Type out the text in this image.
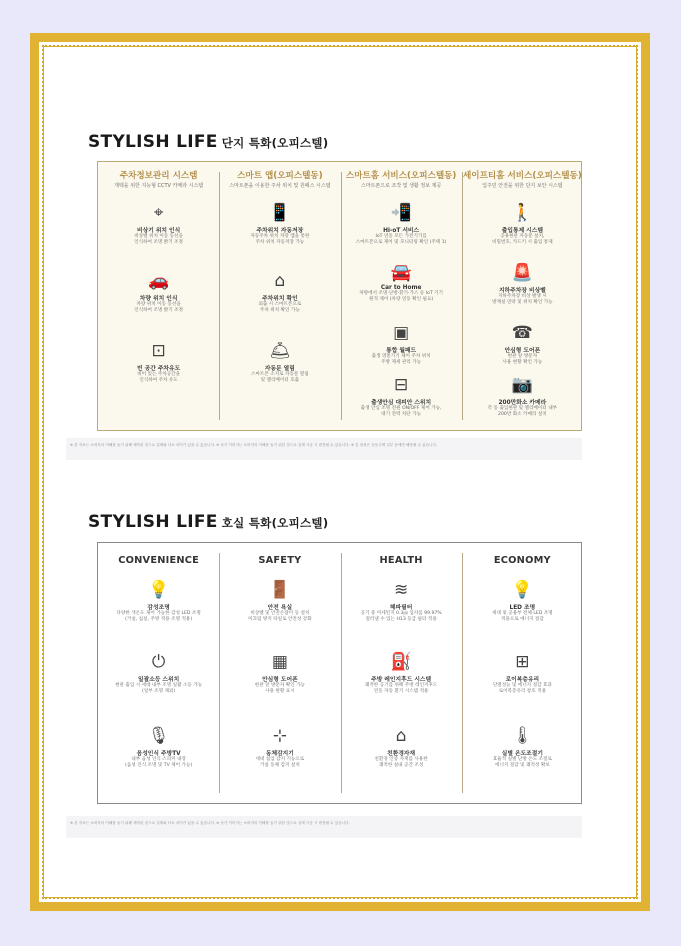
STYLISH LIFE 단지 특화(오피스텔)
주차정보관리 시스템
재택을 위한 지능형 CCTV 카메라 시스템
⌖
비상기 위치 인식
비상벨 위치 이동 동선을
인식하여 조명 밝기 조정
🚗
차량 위치 인식
차량 위치 이동 동선을
인식하여 조명 밝기 조정
⊡
빈 공간 주차유도
비어 있는 주차공간을
인식하여 주차 유도
스마트 앱(오피스텔동)
스마트폰을 이용한 주차 위치 및 원패스 시스템
📱
주차위치 자동저장
자동주차 위치 저장 앱을 통한
주차 위치 자동저장 가능
⌂
주차위치 확인
외출 시 스마트폰으로
주차 위치 확인 가능
🛎
자동문 열림
스마트폰 소지로 자동문 열림
및 엘리베이터 호출
스마트홈 서비스(오피스텔동)
스마트폰으로 조작 및 생활 정보 제공
📲
Hi-oT 서비스
IoT 연동 모든 가전기기를
스마트폰으로 제어 및 모니터링 확인 (주택 1)
🚘
Car to Home
차량에서 조명·난방·환기·가스 등 IoT 기기
원격 제어 (차량 연동 확인 필요)
▣
통합 월패드
출생 영통기기 제어 주차 위치
주방 제세 관리 가능
⊟
출생안심 대피안 스위치
출생 안심 조명 전원 ON/OFF 제어 가능,
대기 전력 차단 가능
세이프티홈 서비스(오피스텔동)
입주민 안전을 위한 단지 보안 시스템
🚶
출입통제 시스템
공용현관 자동문 설치,
비밀번호, 카드키 시 출입 통제
🚨
지하주차장 비상벨
지하주차장 비상 발생 시
방재실 연락 및 위치 확인 가능
☎
안심형 도어폰
현관 앞 방문자
사용 현황 확인 가능
📷
200만화소 카메라
각 동 출입현관 및 엘리베이터 내부
200만 화소 카메라 설치
※ 본 자료는 소비자의 이해를 돕기 위해 제작된 것으로 실제와 다소 차이가 있을 수 있습니다. ※ 상기 이미지는 소비자의 이해를 돕기 위한 것으로 실제 시공 시 변경될 수 있습니다. ※ 본 내용은 공동주택 일부 동에만 해당될 수 있습니다.
STYLISH LIFE 호실 특화(오피스텔)
CONVENIENCE
💡
감성조명
다양한 색온도 제어 가능한 감성 LED 조명
(거실, 침실, 주방 적용 조명 적용)
⏻
일괄소등 스위치
현관 출입 시 세대 내부 조명 일괄 소등 가능
(일부 조명 제외)
🎙
음성인식 주방TV
내부 음성 인식 스피커 내장
(음성 인식 조명 및 TV 제어 가능)
SAFETY
🚪
안전 욕실
비상벨 및 안전손잡이 등 설치
미끄럼 방지 타일로 안전성 강화
▦
안심형 도어폰
현관 앞 방문자 확인 가능
사용 현황 표시
⊹
동체감지기
세대 침입 감지 기능으로
거실 동체 감지 설치
HEALTH
≋
헤파필터
공기 중 미세먼지 0.3㎛ 입자를 99.97%
걸러낼 수 있는 H13 등급 필터 적용
⛽
주방 레인지후드 시스템
쾌적한 공기를 위해 주방 레인지후드
연동 자동 환기 시스템 적용
⌂
친환경자재
친환경 인증 자재를 사용한
쾌적한 실내 공간 조성
ECONOMY
💡
LED 조명
세대 및 공용부 전체 LED 조명
적용으로 에너지 절감
⊞
로이복층유리
단열성능 및 에너지 절감 효과
로이복층유리 창호 적용
🌡
실별 온도조절기
효율적 실별 난방 온도 조절로
에너지 절감 및 쾌적성 확보
※ 본 자료는 소비자의 이해를 돕기 위해 제작된 것으로 실제와 다소 차이가 있을 수 있습니다. ※ 상기 이미지는 소비자의 이해를 돕기 위한 것으로 실제 시공 시 변경될 수 있습니다.
